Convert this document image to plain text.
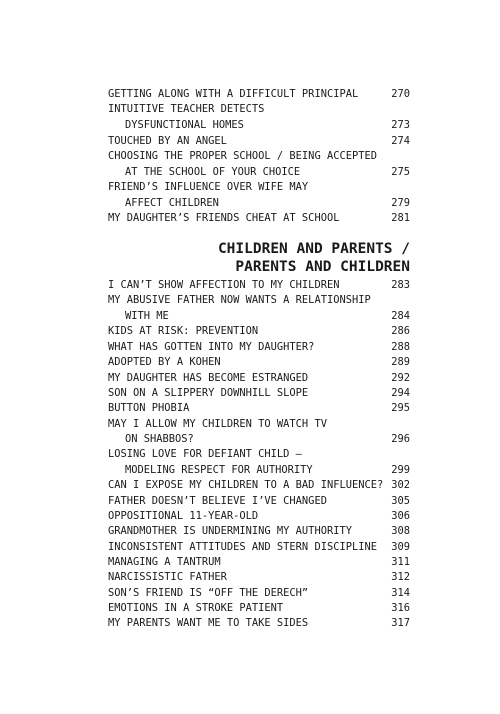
GETTING ALONG WITH A DIFFICULT PRINCIPAL	270
INTUITIVE TEACHER DETECTS
DYSFUNCTIONAL HOMES	273
TOUCHED BY AN ANGEL	274
CHOOSING THE PROPER SCHOOL / BEING ACCEPTED
AT THE SCHOOL OF YOUR CHOICE	275
FRIEND’S INFLUENCE OVER WIFE MAY
AFFECT CHILDREN	279
MY DAUGHTER’S FRIENDS CHEAT AT SCHOOL	281
CHILDREN AND PARENTS /
PARENTS AND CHILDREN
I CAN’T SHOW AFFECTION TO MY CHILDREN	283
MY ABUSIVE FATHER NOW WANTS A RELATIONSHIP
WITH ME	284
KIDS AT RISK: PREVENTION	286
WHAT HAS GOTTEN INTO MY DAUGHTER?	288
ADOPTED BY A KOHEN	289
MY DAUGHTER HAS BECOME ESTRANGED	292
SON ON A SLIPPERY DOWNHILL SLOPE	294
BUTTON PHOBIA	295
MAY I ALLOW MY CHILDREN TO WATCH TV
ON SHABBOS?	296
LOSING LOVE FOR DEFIANT CHILD —
MODELING RESPECT FOR AUTHORITY	299
CAN I EXPOSE MY CHILDREN TO A BAD INFLUENCE? 302
FATHER DOESN’T BELIEVE I’VE CHANGED	305
OPPOSITIONAL 11-YEAR-OLD	306
GRANDMOTHER IS UNDERMINING MY AUTHORITY	308
INCONSISTENT ATTITUDES AND STERN DISCIPLINE 309
MANAGING A TANTRUM	311
NARCISSISTIC FATHER	312
SON’S FRIEND IS “OFF THE DERECH”	314
EMOTIONS IN A STROKE PATIENT	316
MY PARENTS WANT ME TO TAKE SIDES	317
